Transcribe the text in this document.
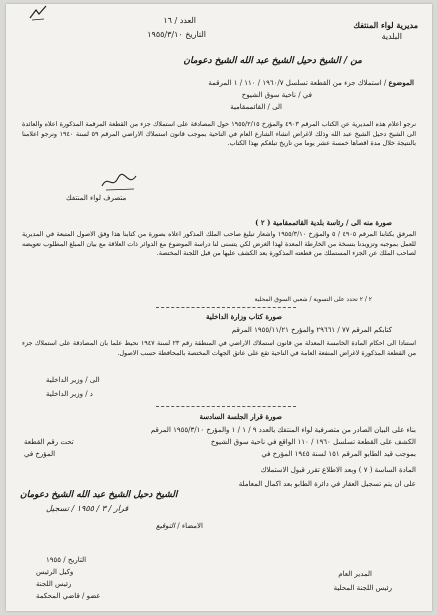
مديرية لواء المنتفك
البلدية
العدد / ١٦
التاريخ ١٩٥٥/٣/١٠
من / الشيخ دحيل الشيخ عبد الله الشيخ دعومان
الموضوع / استملاك جزء من القطعة تسلسل ١٩٦٠/٧ / ١١٠ / ١ المرقمة
في / ناحية سوق الشيوخ
الى / القائممقامية
نرجو اعلام هذه المديرية عن الكتاب المرقم ٤٩٠٣ والمؤرخ ١٩٥٥/٢/١٥ حول المصادقة على استملاك جزء من القطعة المرقمة المذكورة اعلاه والعائدة الى الشيخ دحيل الشيخ عبد الله وذلك لاغراض انشاء الشارع العام في الناحية بموجب قانون استملاك الاراضي المرقم ٥٩ لسنة ١٩٤٠ ونرجو اعلامنا بالنتيجة خلال مدة اقصاها خمسة عشر يوما من تاريخ تبلغكم بهذا الكتاب.
متصرف لواء المنتفك
صورة منه الى / رئاسة بلدية القائممقامية ( ٢ )
المرفق بكتابنا المرقم ٤٩٠٥ / ٥ والمؤرخ ١٩٥٥/٣/١٠ واشعار تبليغ صاحب الملك المذكور اعلاه بصورة من كتابنا هذا وفق الاصول المتبعة في المديرية للعمل بموجبه وتزويدنا بنسخة من الخارطة المعدة لهذا الغرض لكي يتسنى لنا دراسة الموضوع مع الدوائر ذات العلاقة مع بيان المبلغ المطلوب تعويضه لصاحب الملك عن الجزء المستملك من قطعته المذكورة بعد الكشف عليها من قبل اللجنة المختصة.
٢ / ٢ تحدد على التسوية / شعبي السوق المحلية
صورة كتاب وزارة الداخلية
كتابكم المرقم ٧٧ / ٢٩٦٦١ والمؤرخ ١٩٥٥/١١/٢١ المرقم
استنادا الى احكام المادة الخامسة المعدلة من قانون استملاك الاراضي في المنطقة رقم ٢٣ لسنة ١٩٤٧ نحيط علما بان المصادقة على استملاك جزء من القطعة المذكورة لاغراض المنفعة العامة في الناحية تقع على عاتق الجهات المختصة بالمحافظة حسب الاصول.
الى / وزير الداخلية
د / وزير الداخلية
صورة قرار الجلسة السادسة
بناء على البيان الصادر من متصرفية لواء المنتفك بالعدد ٩ / ١ / ١ والمؤرخ ١٩٥٥/٣/١٠ المرقم
الكشف على القطعة تسلسل ١٩٦٠ / ١١٠ الواقع في ناحية سوق الشيوخ
بموجب قيد الطابو المرقم ١٥١ لسنة ١٩٤٥ المؤرخ في
المؤرخ في
المادة الساسة ( ٧ ) وبعد الاطلاع تقرر قبول الاستملاك
تحت رقم القطعة
على ان يتم تسجيل العقار في دائرة الطابو بعد اكمال المعاملة
الشيخ دحيل الشيخ عبد الله الشيخ دعومان
قرار / ٣ / ١٩٥٥ / تسجيل
الامضاء / التوقيع
التاريخ / ١٩٥٥
وكيل الرئيس
رئيس اللجنة
عضو / قاضي المحكمة
المدير العام
رئيس اللجنة المحلية
